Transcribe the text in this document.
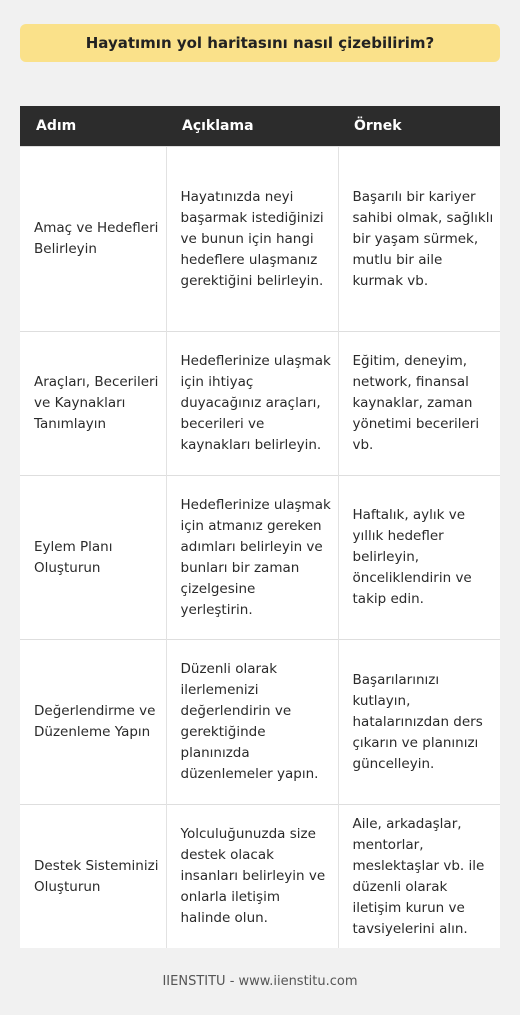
Hayatımın yol haritasını nasıl çizebilirim?
Adım	Açıklama	Örnek
Amaç ve Hedefleri Belirleyin	Hayatınızda neyi başarmak istediğinizi ve bunun için hangi hedeflere ulaşmanız gerektiğini belirleyin.	Başarılı bir kariyer sahibi olmak, sağlıklı bir yaşam sürmek, mutlu bir aile kurmak vb.
Araçları, Becerileri ve Kaynakları Tanımlayın	Hedeflerinize ulaşmak için ihtiyaç duyacağınız araçları, becerileri ve kaynakları belirleyin.	Eğitim, deneyim, network, finansal kaynaklar, zaman yönetimi becerileri vb.
Eylem Planı Oluşturun	Hedeflerinize ulaşmak için atmanız gereken adımları belirleyin ve bunları bir zaman çizelgesine yerleştirin.	Haftalık, aylık ve yıllık hedefler belirleyin, önceliklendirin ve takip edin.
Değerlendirme ve Düzenleme Yapın	Düzenli olarak ilerlemenizi değerlendirin ve gerektiğinde planınızda düzenlemeler yapın.	Başarılarınızı kutlayın, hatalarınızdan ders çıkarın ve planınızı güncelleyin.
Destek Sisteminizi Oluşturun	Yolculuğunuzda size destek olacak insanları belirleyin ve onlarla iletişim halinde olun.	Aile, arkadaşlar, mentorlar, meslektaşlar vb. ile düzenli olarak iletişim kurun ve tavsiyelerini alın.
IIENSTITU - www.iienstitu.com
